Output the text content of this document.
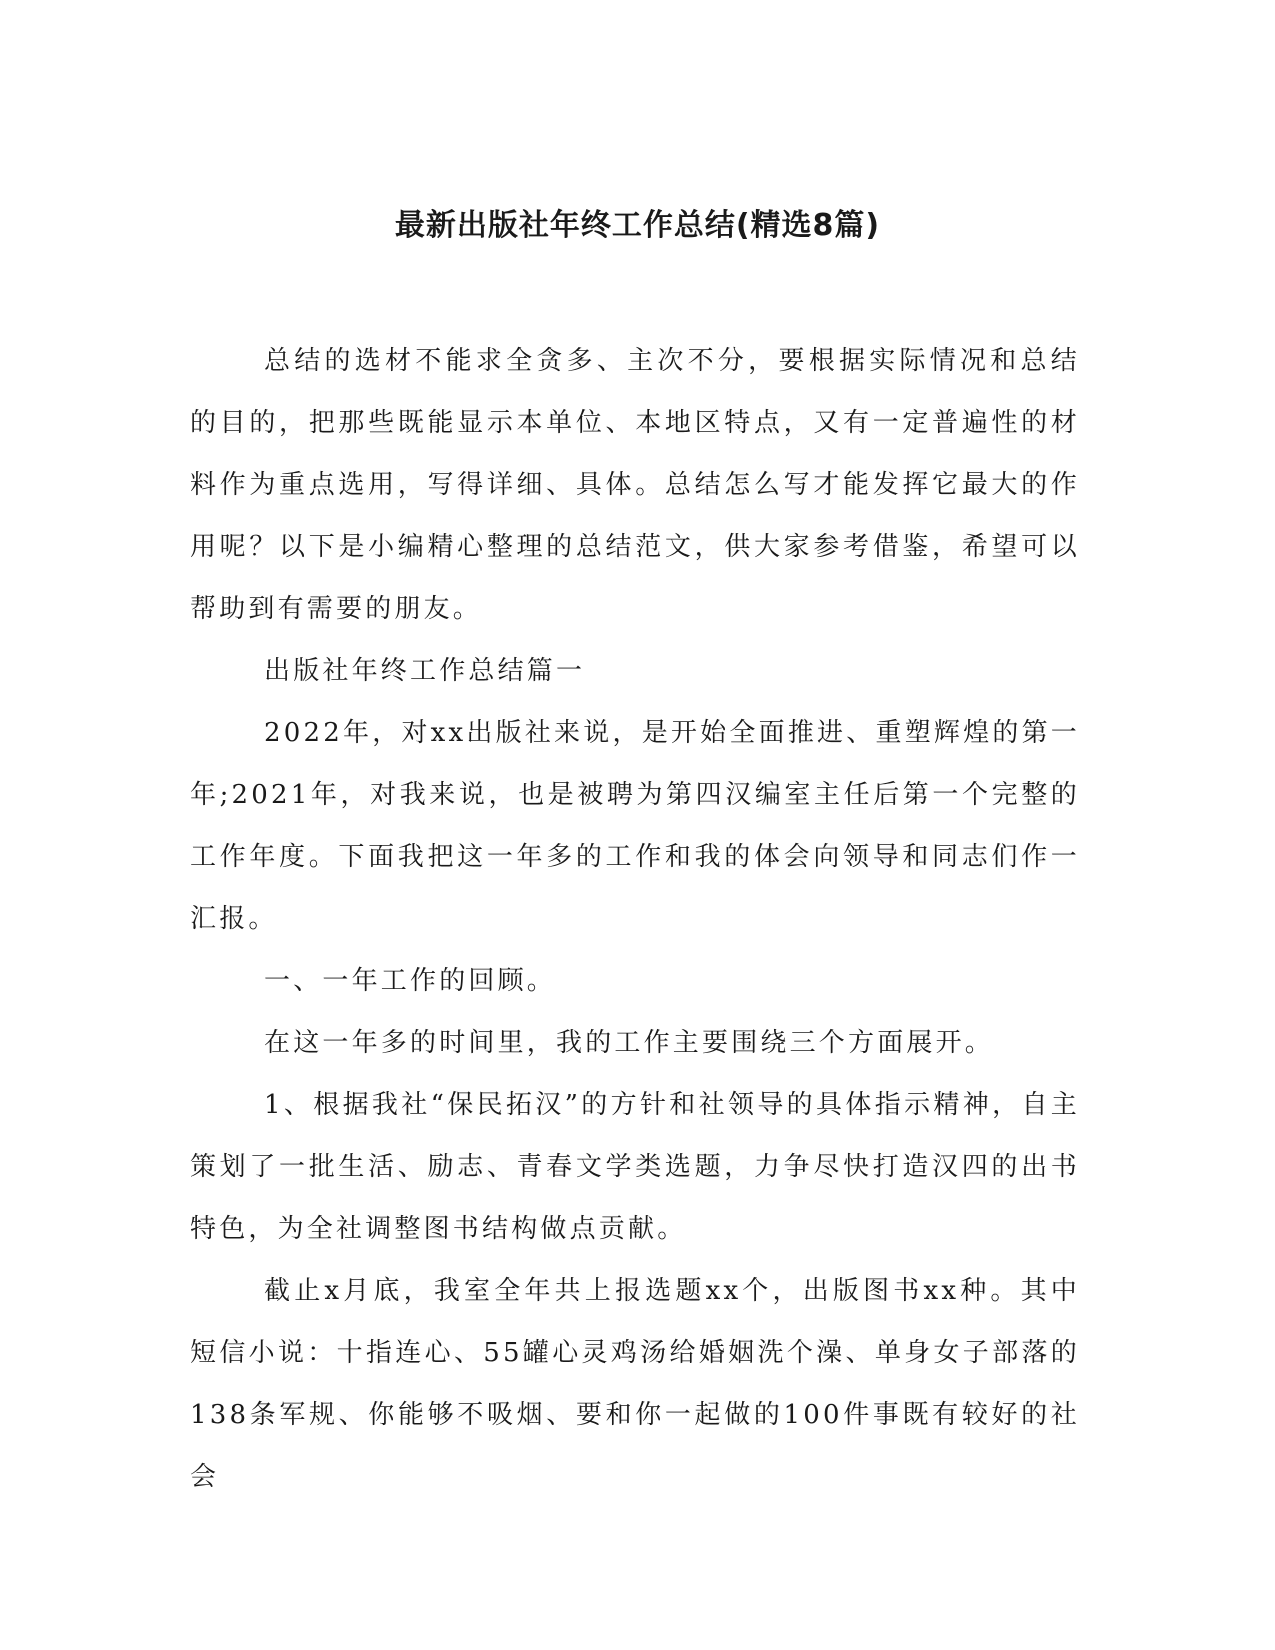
最新出版社年终工作总结(精选8篇)

总结的选材不能求全贪多、主次不分，要根据实际情况和总结的目的，把那些既能显示本单位、本地区特点，又有一定普遍性的材料作为重点选用，写得详细、具体。总结怎么写才能发挥它最大的作用呢？以下是小编精心整理的总结范文，供大家参考借鉴，希望可以帮助到有需要的朋友。

出版社年终工作总结篇一

2022年，对xx出版社来说，是开始全面推进、重塑辉煌的第一年;2021年，对我来说，也是被聘为第四汉编室主任后第一个完整的工作年度。下面我把这一年多的工作和我的体会向领导和同志们作一汇报。

一、一年工作的回顾。

在这一年多的时间里，我的工作主要围绕三个方面展开。

1、根据我社“保民拓汉”的方针和社领导的具体指示精神，自主策划了一批生活、励志、青春文学类选题，力争尽快打造汉四的出书特色，为全社调整图书结构做点贡献。

截止x月底，我室全年共上报选题xx个，出版图书xx种。其中短信小说：十指连心、55罐心灵鸡汤给婚姻洗个澡、单身女子部落的138条军规、你能够不吸烟、要和你一起做的100件事既有较好的社会
